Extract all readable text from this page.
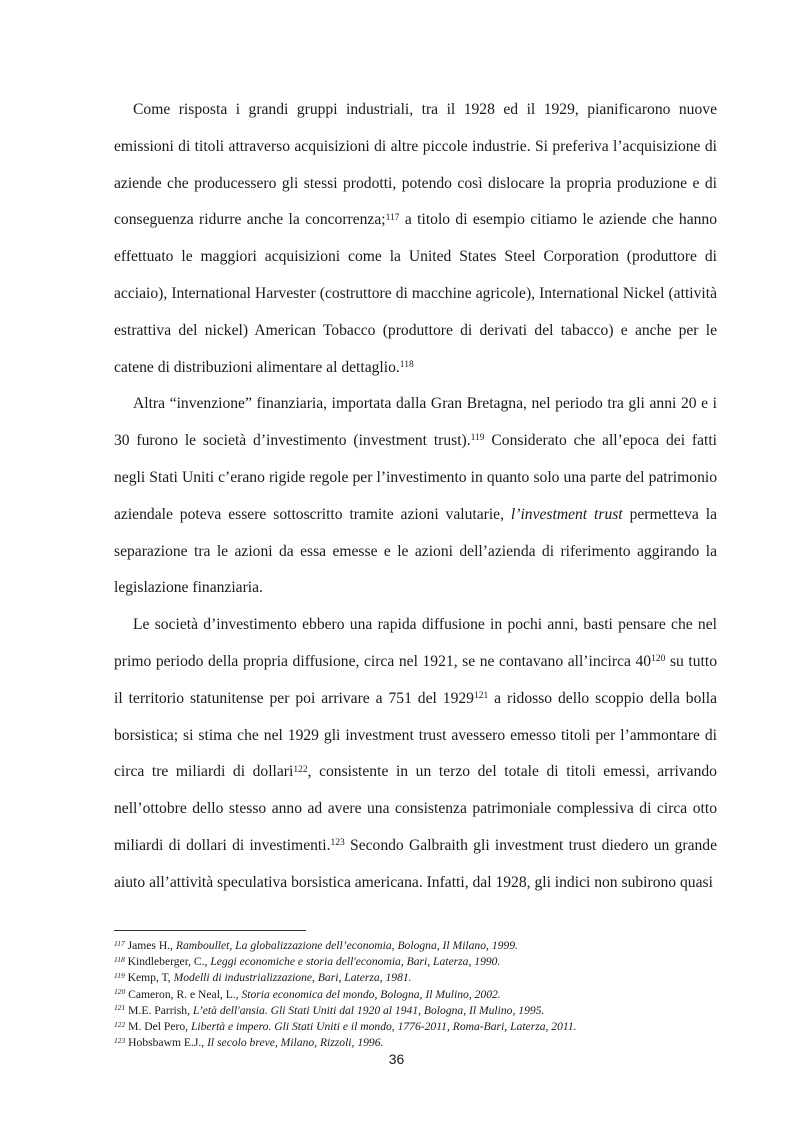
Come risposta i grandi gruppi industriali, tra il 1928 ed il 1929, pianificarono nuove emissioni di titoli attraverso acquisizioni di altre piccole industrie. Si preferiva l’acquisizione di aziende che producessero gli stessi prodotti, potendo così dislocare la propria produzione e di conseguenza ridurre anche la concorrenza;$^{117}$ a titolo di esempio citiamo le aziende che hanno effettuato le maggiori acquisizioni come la United States Steel Corporation (produttore di acciaio), International Harvester (costruttore di macchine agricole), International Nickel (attività estrattiva del nickel) American Tobacco (produttore di derivati del tabacco) e anche per le catene di distribuzioni alimentare al dettaglio.$^{118}$

Altra “invenzione” finanziaria, importata dalla Gran Bretagna, nel periodo tra gli anni 20 e i 30 furono le società d’investimento (investment trust).$^{119}$ Considerato che all’epoca dei fatti negli Stati Uniti c’erano rigide regole per l’investimento in quanto solo una parte del patrimonio aziendale poteva essere sottoscritto tramite azioni valutarie, l’investment trust permetteva la separazione tra le azioni da essa emesse e le azioni dell’azienda di riferimento aggirando la legislazione finanziaria.

Le società d’investimento ebbero una rapida diffusione in pochi anni, basti pensare che nel primo periodo della propria diffusione, circa nel 1921, se ne contavano all’incirca $40^{120}$ su tutto il territorio statunitense per poi arrivare a 751 del 1929$^{121}$ a ridosso dello scoppio della bolla borsistica; si stima che nel 1929 gli investment trust avessero emesso titoli per l’ammontare di circa tre miliardi di dollari$^{122}$, consistente in un terzo del totale di titoli emessi, arrivando nell’ottobre dello stesso anno ad avere una consistenza patrimoniale complessiva di circa otto miliardi di dollari di investimenti.$^{123}$ Secondo Galbraith gli investment trust diedero un grande aiuto all’attività speculativa borsistica americana. Infatti, dal 1928, gli indici non subirono quasi

$^{117}$ James H., Ramboullet, La globalizzazione dell’economia, Bologna, Il Milano, 1999.
$^{118}$ Kindleberger, C., Leggi economiche e storia dell'economia, Bari, Laterza, 1990.
$^{119}$ Kemp, T, Modelli di industrializzazione, Bari, Laterza, 1981.
$^{120}$ Cameron, R. e Neal, L., Storia economica del mondo, Bologna, Il Mulino, 2002.
$^{121}$ M.E. Parrish, L’età dell'ansia. Gli Stati Uniti dal 1920 al 1941, Bologna, Il Mulino, 1995.
$^{122}$ M. Del Pero, Libertà e impero. Gli Stati Uniti e il mondo, 1776-2011, Roma-Bari, Laterza, 2011.
$^{123}$ Hobsbawm E.J., Il secolo breve, Milano, Rizzoli, 1996.
36
